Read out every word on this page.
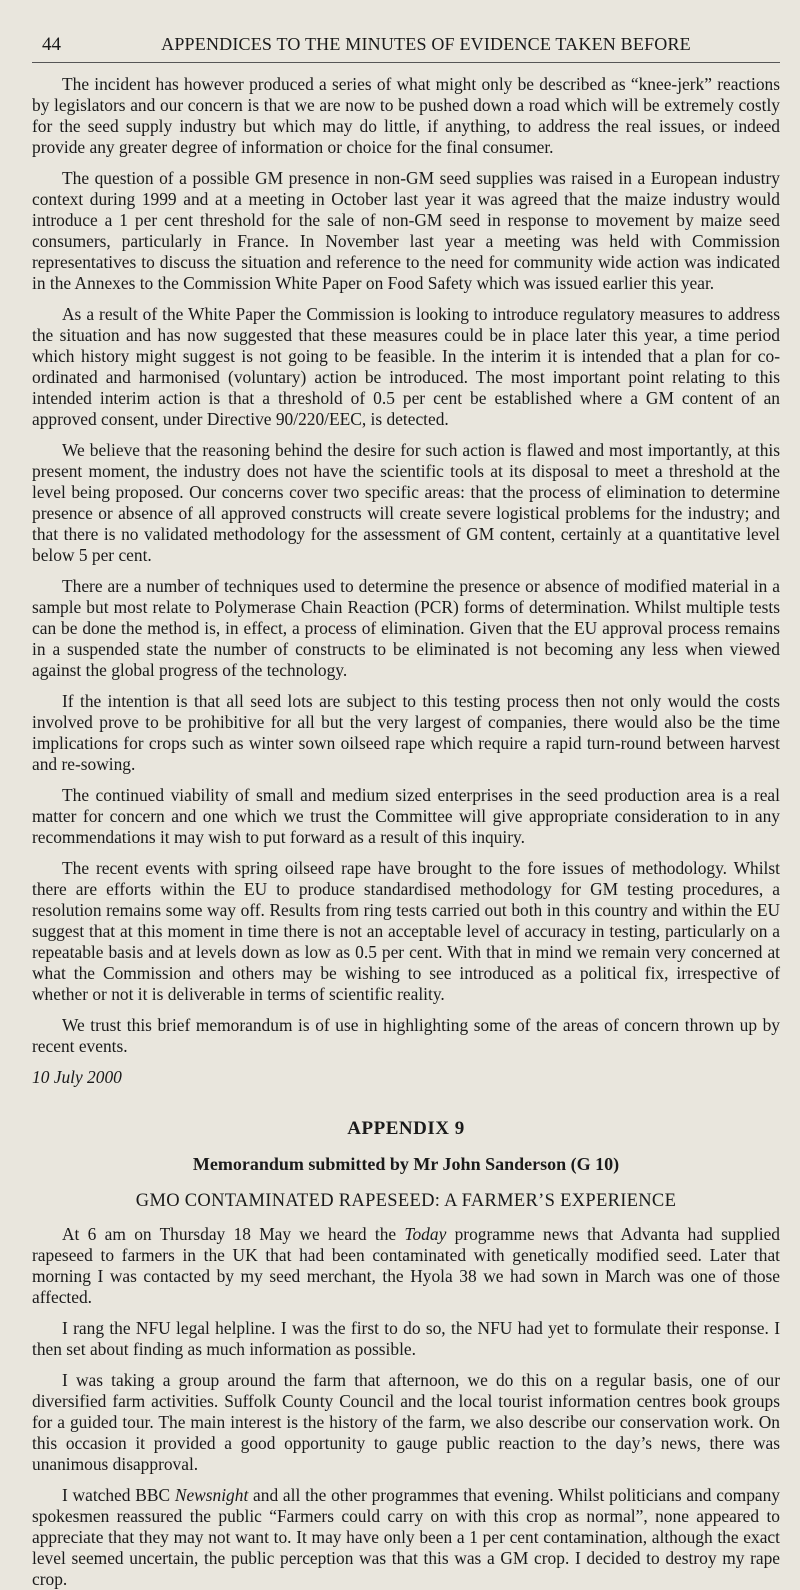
44	APPENDICES TO THE MINUTES OF EVIDENCE TAKEN BEFORE

The incident has however produced a series of what might only be described as “knee-jerk” reactions by legislators and our concern is that we are now to be pushed down a road which will be extremely costly for the seed supply industry but which may do little, if anything, to address the real issues, or indeed provide any greater degree of information or choice for the final consumer.

The question of a possible GM presence in non-GM seed supplies was raised in a European industry context during 1999 and at a meeting in October last year it was agreed that the maize industry would introduce a 1 per cent threshold for the sale of non-GM seed in response to movement by maize seed consumers, particularly in France. In November last year a meeting was held with Commission representatives to discuss the situation and reference to the need for community wide action was indicated in the Annexes to the Commission White Paper on Food Safety which was issued earlier this year.

As a result of the White Paper the Commission is looking to introduce regulatory measures to address the situation and has now suggested that these measures could be in place later this year, a time period which history might suggest is not going to be feasible. In the interim it is intended that a plan for co-ordinated and harmonised (voluntary) action be introduced. The most important point relating to this intended interim action is that a threshold of 0.5 per cent be established where a GM content of an approved consent, under Directive 90/220/EEC, is detected.

We believe that the reasoning behind the desire for such action is flawed and most importantly, at this present moment, the industry does not have the scientific tools at its disposal to meet a threshold at the level being proposed. Our concerns cover two specific areas: that the process of elimination to determine presence or absence of all approved constructs will create severe logistical problems for the industry; and that there is no validated methodology for the assessment of GM content, certainly at a quantitative level below 5 per cent.

There are a number of techniques used to determine the presence or absence of modified material in a sample but most relate to Polymerase Chain Reaction (PCR) forms of determination. Whilst multiple tests can be done the method is, in effect, a process of elimination. Given that the EU approval process remains in a suspended state the number of constructs to be eliminated is not becoming any less when viewed against the global progress of the technology.

If the intention is that all seed lots are subject to this testing process then not only would the costs involved prove to be prohibitive for all but the very largest of companies, there would also be the time implications for crops such as winter sown oilseed rape which require a rapid turn-round between harvest and re-sowing.

The continued viability of small and medium sized enterprises in the seed production area is a real matter for concern and one which we trust the Committee will give appropriate consideration to in any recommendations it may wish to put forward as a result of this inquiry.

The recent events with spring oilseed rape have brought to the fore issues of methodology. Whilst there are efforts within the EU to produce standardised methodology for GM testing procedures, a resolution remains some way off. Results from ring tests carried out both in this country and within the EU suggest that at this moment in time there is not an acceptable level of accuracy in testing, particularly on a repeatable basis and at levels down as low as 0.5 per cent. With that in mind we remain very concerned at what the Commission and others may be wishing to see introduced as a political fix, irrespective of whether or not it is deliverable in terms of scientific reality.

We trust this brief memorandum is of use in highlighting some of the areas of concern thrown up by recent events.

10 July 2000

APPENDIX 9
Memorandum submitted by Mr John Sanderson (G 10)
GMO CONTAMINATED RAPESEED: A FARMER’S EXPERIENCE

At 6 am on Thursday 18 May we heard the Today programme news that Advanta had supplied rapeseed to farmers in the UK that had been contaminated with genetically modified seed. Later that morning I was contacted by my seed merchant, the Hyola 38 we had sown in March was one of those affected.

I rang the NFU legal helpline. I was the first to do so, the NFU had yet to formulate their response. I then set about finding as much information as possible.

I was taking a group around the farm that afternoon, we do this on a regular basis, one of our diversified farm activities. Suffolk County Council and the local tourist information centres book groups for a guided tour. The main interest is the history of the farm, we also describe our conservation work. On this occasion it provided a good opportunity to gauge public reaction to the day’s news, there was unanimous disapproval.

I watched BBC Newsnight and all the other programmes that evening. Whilst politicians and company spokesmen reassured the public “Farmers could carry on with this crop as normal”, none appeared to appreciate that they may not want to. It may have only been a 1 per cent contamination, although the exact level seemed uncertain, the public perception was that this was a GM crop. I decided to destroy my rape crop.
